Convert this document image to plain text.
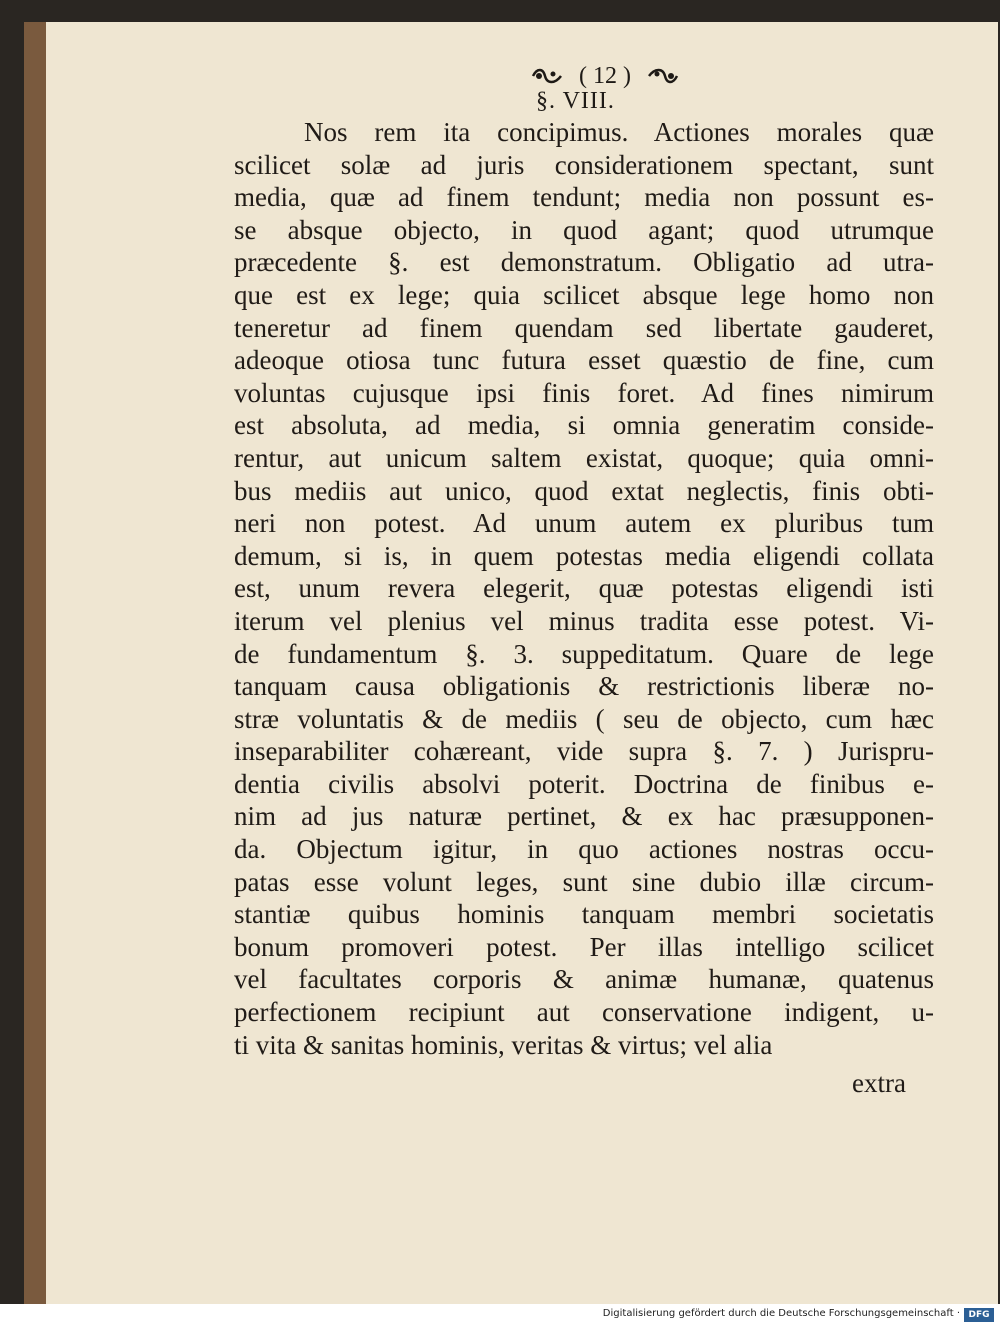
( 12 )
§. VIII.
Nos rem ita concipimus. Actiones morales quæ
scilicet solæ ad juris considerationem spectant, sunt
media, quæ ad finem tendunt; media non possunt es-
se absque objecto, in quod agant; quod utrumque
præcedente §. est demonstratum. Obligatio ad utra-
que est ex lege; quia scilicet absque lege homo non
teneretur ad finem quendam sed libertate gauderet,
adeoque otiosa tunc futura esset quæstio de fine, cum
voluntas cujusque ipsi finis foret. Ad fines nimirum
est absoluta, ad media, si omnia generatim conside-
rentur, aut unicum saltem existat, quoque; quia omni-
bus mediis aut unico, quod extat neglectis, finis obti-
neri non potest. Ad unum autem ex pluribus tum
demum, si is, in quem potestas media eligendi collata
est, unum revera elegerit, quæ potestas eligendi isti
iterum vel plenius vel minus tradita esse potest. Vi-
de fundamentum §. 3. suppeditatum. Quare de lege
tanquam causa obligationis & restrictionis liberæ no-
stræ voluntatis & de mediis ( seu de objecto, cum hæc
inseparabiliter cohæreant, vide supra §. 7. ) Jurispru-
dentia civilis absolvi poterit. Doctrina de finibus e-
nim ad jus naturæ pertinet, & ex hac præsupponen-
da. Objectum igitur, in quo actiones nostras occu-
patas esse volunt leges, sunt sine dubio illæ circum-
stantiæ quibus hominis tanquam membri societatis
bonum promoveri potest. Per illas intelligo scilicet
vel facultates corporis & animæ humanæ, quatenus
perfectionem recipiunt aut conservatione indigent, u-
ti vita & sanitas hominis, veritas & virtus; vel alia
extra
Digitalisierung gefördert durch die Deutsche Forschungsgemeinschaft · DFG
